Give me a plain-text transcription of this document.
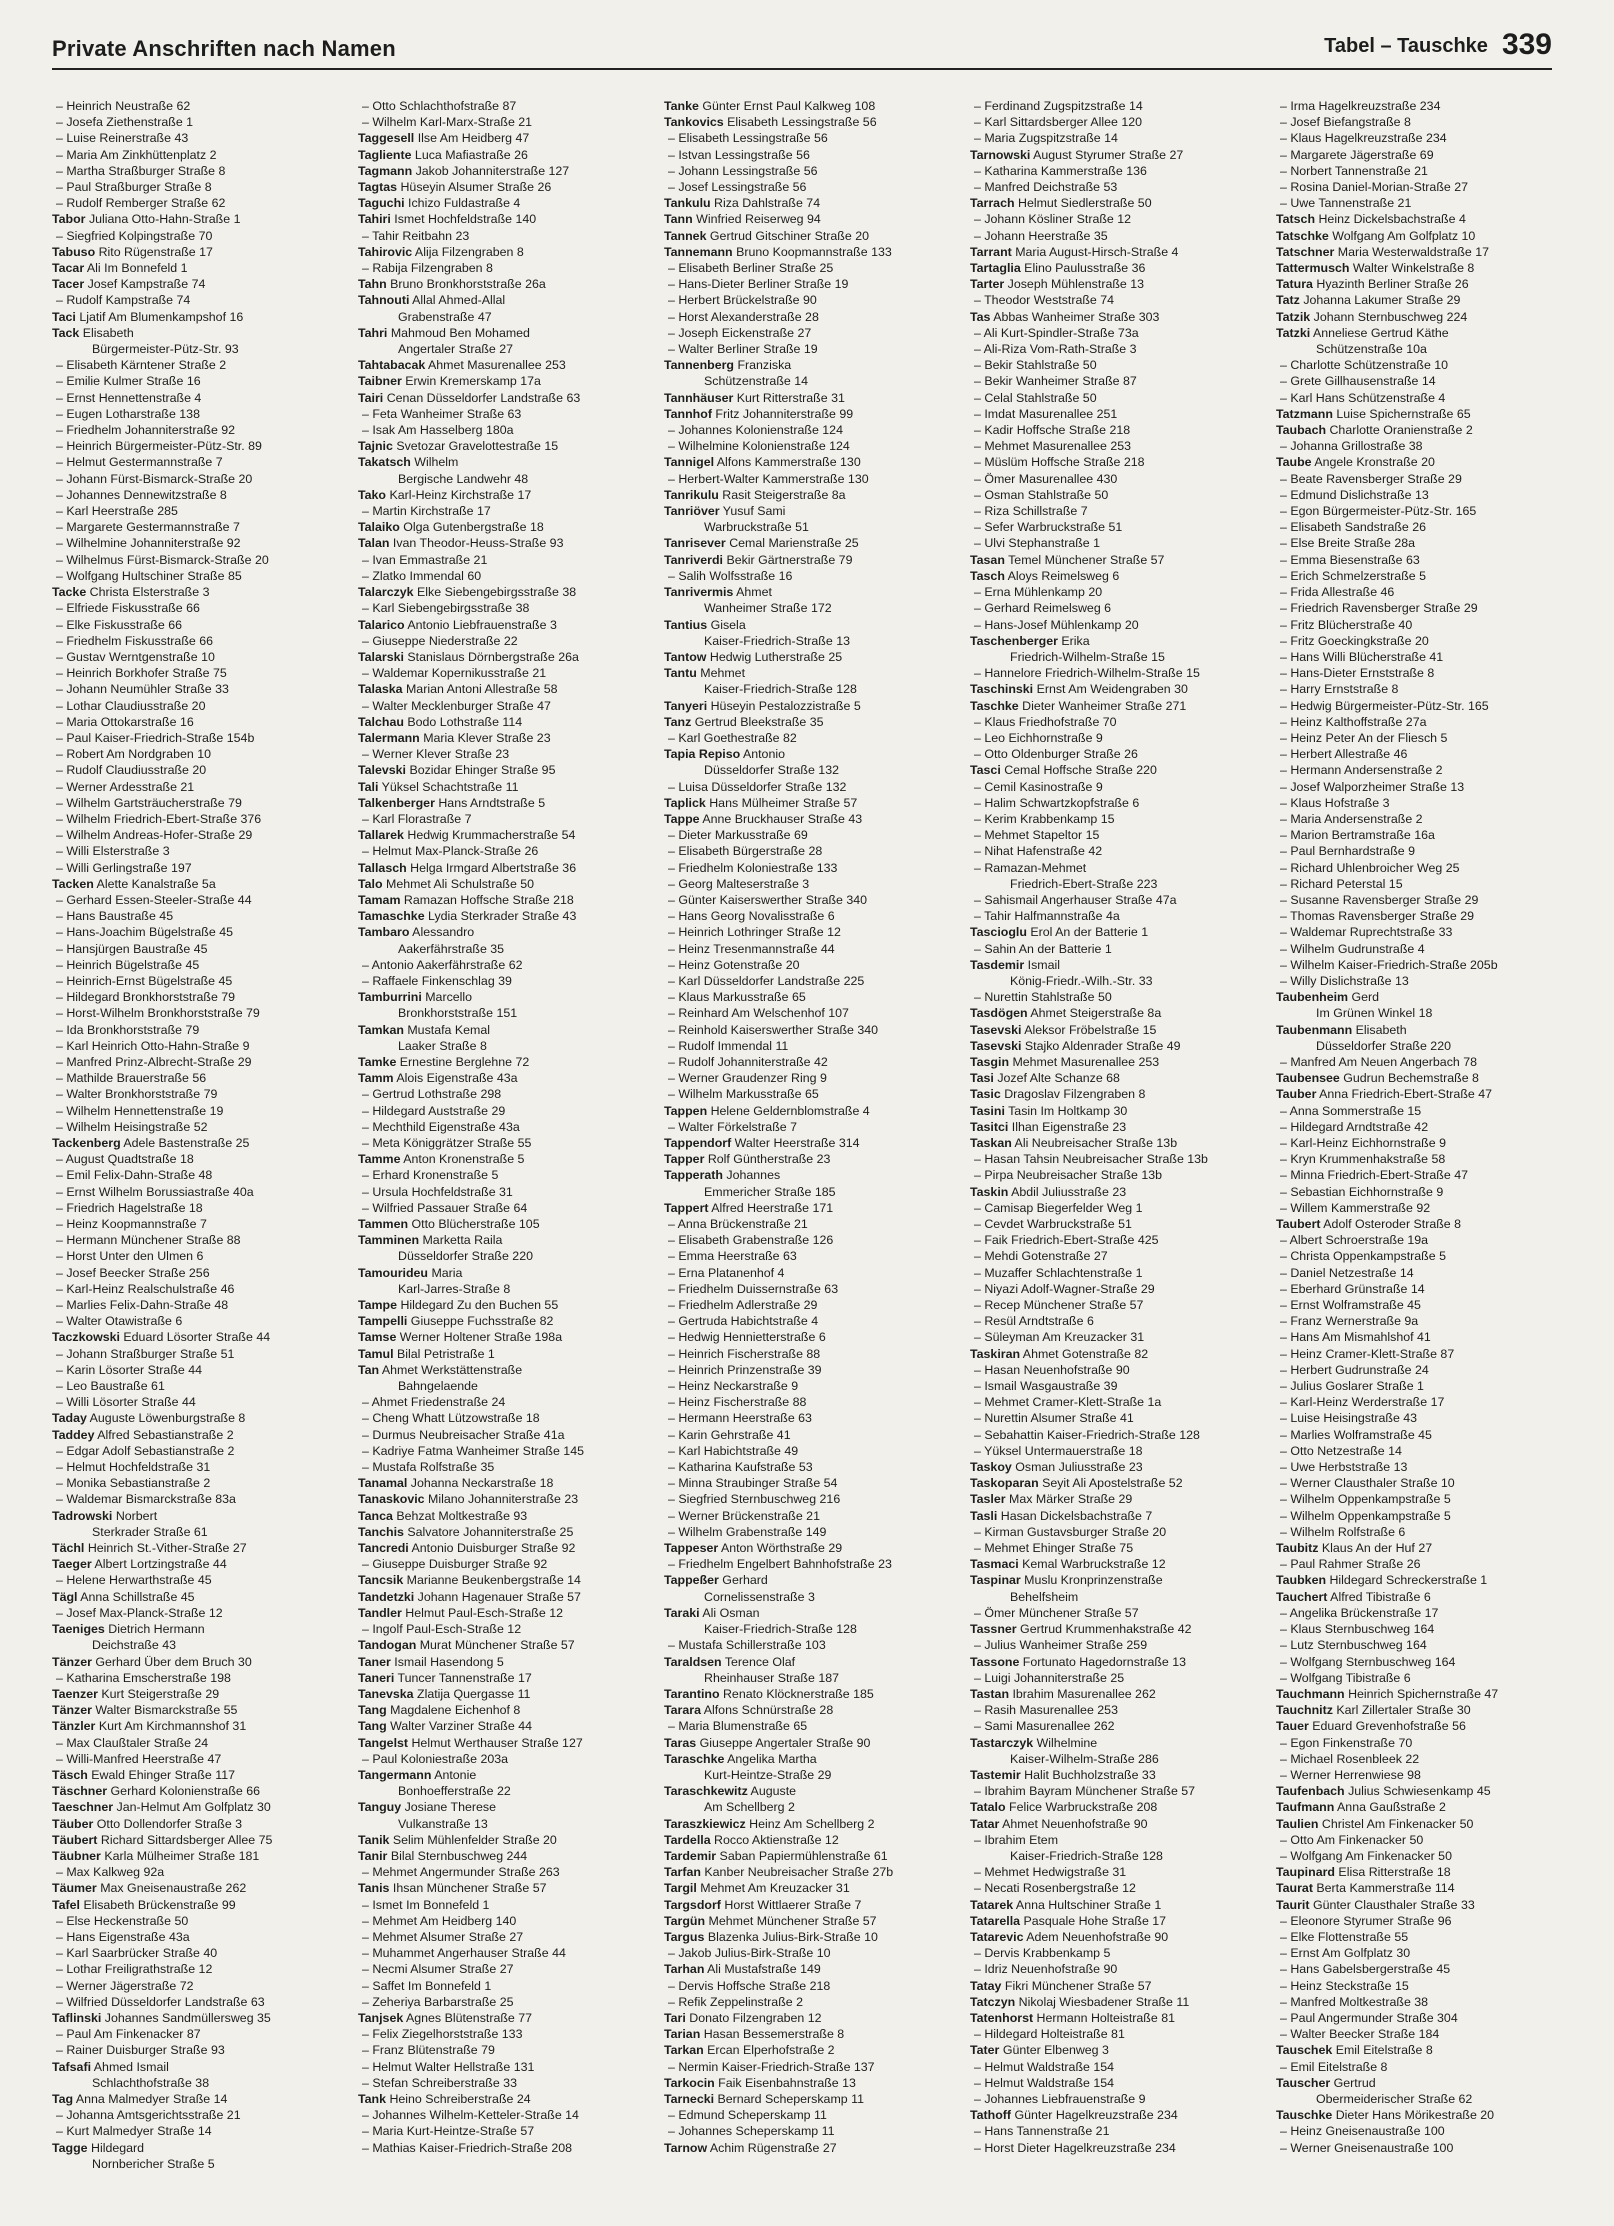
Private Anschriften nach Namen	Tabel – Tauschke 339
– Heinrich Neustraße 62
– Josefa Ziethenstraße 1
– Luise Reinerstraße 43
– Maria Am Zinkhüttenplatz 2
– Martha Straßburger Straße 8
– Paul Straßburger Straße 8
– Rudolf Remberger Straße 62
Tabor Juliana Otto-Hahn-Straße 1
– Siegfried Kolpingstraße 70
Tabuso Rito Rügenstraße 17
Tacar Ali Im Bonnefeld 1
Tacer Josef Kampstraße 74
– Rudolf Kampstraße 74
Taci Ljatif Am Blumenkampshof 16
Tack Elisabeth
Bürgermeister-Pütz-Str. 93
– Elisabeth Kärntener Straße 2
– Emilie Kulmer Straße 16
– Ernst Hennettenstraße 4
– Eugen Lotharstraße 138
– Friedhelm Johanniterstraße 92
– Heinrich Bürgermeister-Pütz-Str. 89
– Helmut Gestermannstraße 7
– Johann Fürst-Bismarck-Straße 20
– Johannes Dennewitzstraße 8
– Karl Heerstraße 285
– Margarete Gestermannstraße 7
– Wilhelmine Johanniterstraße 92
– Wilhelmus Fürst-Bismarck-Straße 20
– Wolfgang Hultschiner Straße 85
Tacke Christa Elsterstraße 3
– Elfriede Fiskusstraße 66
– Elke Fiskusstraße 66
– Friedhelm Fiskusstraße 66
– Gustav Werntgenstraße 10
– Heinrich Borkhofer Straße 75
– Johann Neumühler Straße 33
– Lothar Claudiusstraße 20
– Maria Ottokarstraße 16
– Paul Kaiser-Friedrich-Straße 154b
– Robert Am Nordgraben 10
– Rudolf Claudiusstraße 20
– Werner Ardesstraße 21
– Wilhelm Gartsträucherstraße 79
– Wilhelm Friedrich-Ebert-Straße 376
– Wilhelm Andreas-Hofer-Straße 29
– Willi Elsterstraße 3
– Willi Gerlingstraße 197
Tacken Alette Kanalstraße 5a
– Gerhard Essen-Steeler-Straße 44
– Hans Baustraße 45
– Hans-Joachim Bügelstraße 45
– Hansjürgen Baustraße 45
– Heinrich Bügelstraße 45
– Heinrich-Ernst Bügelstraße 45
– Hildegard Bronkhorststraße 79
– Horst-Wilhelm Bronkhorststraße 79
– Ida Bronkhorststraße 79
– Karl Heinrich Otto-Hahn-Straße 9
– Manfred Prinz-Albrecht-Straße 29
– Mathilde Brauerstraße 56
– Walter Bronkhorststraße 79
– Wilhelm Hennettenstraße 19
– Wilhelm Heisingstraße 52
Tackenberg Adele Bastenstraße 25
– August Quadtstraße 18
– Emil Felix-Dahn-Straße 48
– Ernst Wilhelm Borussiastraße 40a
– Friedrich Hagelstraße 18
– Heinz Koopmannstraße 7
– Hermann Münchener Straße 88
– Horst Unter den Ulmen 6
– Josef Beecker Straße 256
– Karl-Heinz Realschulstraße 46
– Marlies Felix-Dahn-Straße 48
– Walter Otawistraße 6
Taczkowski Eduard Lösorter Straße 44
– Johann Straßburger Straße 51
– Karin Lösorter Straße 44
– Leo Baustraße 61
– Willi Lösorter Straße 44
Taday Auguste Löwenburgstraße 8
Taddey Alfred Sebastianstraße 2
– Edgar Adolf Sebastianstraße 2
– Helmut Hochfeldstraße 31
– Monika Sebastianstraße 2
– Waldemar Bismarckstraße 83a
Tadrowski Norbert
Sterkrader Straße 61
Tächl Heinrich St.-Vither-Straße 27
Taeger Albert Lortzingstraße 44
– Helene Herwarthstraße 45
Tägl Anna Schillstraße 45
– Josef Max-Planck-Straße 12
Taeniges Dietrich Hermann
Deichstraße 43
Tänzer Gerhard Über dem Bruch 30
– Katharina Emscherstraße 198
Taenzer Kurt Steigerstraße 29
Tänzer Walter Bismarckstraße 55
Tänzler Kurt Am Kirchmannshof 31
– Max Claußtaler Straße 24
– Willi-Manfred Heerstraße 47
Täsch Ewald Ehinger Straße 117
Täschner Gerhard Kolonienstraße 66
Taeschner Jan-Helmut Am Golfplatz 30
Täuber Otto Dollendorfer Straße 3
Täubert Richard Sittardsberger Allee 75
Täubner Karla Mülheimer Straße 181
– Max Kalkweg 92a
Täumer Max Gneisenaustraße 262
Tafel Elisabeth Brückenstraße 99
– Else Heckenstraße 50
– Hans Eigenstraße 43a
– Karl Saarbrücker Straße 40
– Lothar Freiligrathstraße 12
– Werner Jägerstraße 72
– Wilfried Düsseldorfer Landstraße 63
Taflinski Johannes Sandmüllersweg 35
– Paul Am Finkenacker 87
– Rainer Duisburger Straße 93
Tafsafi Ahmed Ismail
Schlachthofstraße 38
Tag Anna Malmedyer Straße 14
– Johanna Amtsgerichtsstraße 21
– Kurt Malmedyer Straße 14
Tagge Hildegard
Nornbericher Straße 5
– Otto Schlachthofstraße 87
– Wilhelm Karl-Marx-Straße 21
Taggesell Ilse Am Heidberg 47
Tagliente Luca Mafiastraße 26
Tagmann Jakob Johanniterstraße 127
Tagtas Hüseyin Alsumer Straße 26
Taguchi Ichizo Fuldastraße 4
Tahiri Ismet Hochfeldstraße 140
– Tahir Reitbahn 23
Tahirovic Alija Filzengraben 8
– Rabija Filzengraben 8
Tahn Bruno Bronkhorststraße 26a
Tahnouti Allal Ahmed-Allal
Grabenstraße 47
Tahri Mahmoud Ben Mohamed
Angertaler Straße 27
Tahtabacak Ahmet Masurenallee 253
Taibner Erwin Kremerskamp 17a
Tairi Cenan Düsseldorfer Landstraße 63
– Feta Wanheimer Straße 63
– Isak Am Hasselberg 180a
Tajnic Svetozar Gravelottestraße 15
Takatsch Wilhelm
Bergische Landwehr 48
Tako Karl-Heinz Kirchstraße 17
– Martin Kirchstraße 17
Talaiko Olga Gutenbergstraße 18
Talan Ivan Theodor-Heuss-Straße 93
– Ivan Emmastraße 21
– Zlatko Immendal 60
Talarczyk Elke Siebengebirgsstraße 38
– Karl Siebengebirgsstraße 38
Talarico Antonio Liebfrauenstraße 3
– Giuseppe Niederstraße 22
Talarski Stanislaus Dörnbergstraße 26a
– Waldemar Kopernikusstraße 21
Talaska Marian Antoni Allestraße 58
– Walter Mecklenburger Straße 47
Talchau Bodo Lothstraße 114
Talermann Maria Klever Straße 23
– Werner Klever Straße 23
Talevski Bozidar Ehinger Straße 95
Tali Yüksel Schachtstraße 11
Talkenberger Hans Arndtstraße 5
– Karl Florastraße 7
Tallarek Hedwig Krummacherstraße 54
– Helmut Max-Planck-Straße 26
Tallasch Helga Irmgard Albertstraße 36
Talo Mehmet Ali Schulstraße 50
Tamam Ramazan Hoffsche Straße 218
Tamaschke Lydia Sterkrader Straße 43
Tambaro Alessandro
Aakerfährstraße 35
– Antonio Aakerfährstraße 62
– Raffaele Finkenschlag 39
Tamburrini Marcello
Bronkhorststraße 151
Tamkan Mustafa Kemal
Laaker Straße 8
Tamke Ernestine Berglehne 72
Tamm Alois Eigenstraße 43a
– Gertrud Lothstraße 298
– Hildegard Auststraße 29
– Mechthild Eigenstraße 43a
– Meta Königgrätzer Straße 55
Tamme Anton Kronenstraße 5
– Erhard Kronenstraße 5
– Ursula Hochfeldstraße 31
– Wilfried Passauer Straße 64
Tammen Otto Blücherstraße 105
Tamminen Marketta Raila
Düsseldorfer Straße 220
Tamourideu Maria
Karl-Jarres-Straße 8
Tampe Hildegard Zu den Buchen 55
Tampelli Giuseppe Fuchsstraße 82
Tamse Werner Holtener Straße 198a
Tamul Bilal Petristraße 1
Tan Ahmet Werkstättenstraße
Bahngelaende
– Ahmet Friedenstraße 24
– Cheng Whatt Lützowstraße 18
– Durmus Neubreisacher Straße 41a
– Kadriye Fatma Wanheimer Straße 145
– Mustafa Rolfstraße 35
Tanamal Johanna Neckarstraße 18
Tanaskovic Milano Johanniterstraße 23
Tanca Behzat Moltkestraße 93
Tanchis Salvatore Johanniterstraße 25
Tancredi Antonio Duisburger Straße 92
– Giuseppe Duisburger Straße 92
Tancsik Marianne Beukenbergstraße 14
Tandetzki Johann Hagenauer Straße 57
Tandler Helmut Paul-Esch-Straße 12
– Ingolf Paul-Esch-Straße 12
Tandogan Murat Münchener Straße 57
Taner Ismail Hasendong 5
Taneri Tuncer Tannenstraße 17
Tanevska Zlatija Quergasse 11
Tang Magdalene Eichenhof 8
Tang Walter Varziner Straße 44
Tangelst Helmut Werthauser Straße 127
– Paul Koloniestraße 203a
Tangermann Antonie
Bonhoefferstraße 22
Tanguy Josiane Therese
Vulkanstraße 13
Tanik Selim Mühlenfelder Straße 20
Tanir Bilal Sternbuschweg 244
– Mehmet Angermunder Straße 263
Tanis Ihsan Münchener Straße 57
– Ismet Im Bonnefeld 1
– Mehmet Am Heidberg 140
– Mehmet Alsumer Straße 27
– Muhammet Angerhauser Straße 44
– Necmi Alsumer Straße 27
– Saffet Im Bonnefeld 1
– Zeheriya Barbarstraße 25
Tanjsek Agnes Blütenstraße 77
– Felix Ziegelhorststraße 133
– Franz Blütenstraße 79
– Helmut Walter Hellstraße 131
– Stefan Schreiberstraße 33
Tank Heino Schreiberstraße 24
– Johannes Wilhelm-Ketteler-Straße 14
– Maria Kurt-Heintze-Straße 57
– Mathias Kaiser-Friedrich-Straße 208
Tanke Günter Ernst Paul Kalkweg 108
Tankovics Elisabeth Lessingstraße 56
– Elisabeth Lessingstraße 56
– Istvan Lessingstraße 56
– Johann Lessingstraße 56
– Josef Lessingstraße 56
Tankulu Riza Dahlstraße 74
Tann Winfried Reiserweg 94
Tannek Gertrud Gitschiner Straße 20
Tannemann Bruno Koopmannstraße 133
– Elisabeth Berliner Straße 25
– Hans-Dieter Berliner Straße 19
– Herbert Brückelstraße 90
– Horst Alexanderstraße 28
– Joseph Eickenstraße 27
– Walter Berliner Straße 19
Tannenberg Franziska
Schützenstraße 14
Tannhäuser Kurt Ritterstraße 31
Tannhof Fritz Johanniterstraße 99
– Johannes Kolonienstraße 124
– Wilhelmine Kolonienstraße 124
Tannigel Alfons Kammerstraße 130
– Herbert-Walter Kammerstraße 130
Tanrikulu Rasit Steigerstraße 8a
Tanriöver Yusuf Sami
Warbruckstraße 51
Tanrisever Cemal Marienstraße 25
Tanriverdi Bekir Gärtnerstraße 79
– Salih Wolfsstraße 16
Tanrivermis Ahmet
Wanheimer Straße 172
Tantius Gisela
Kaiser-Friedrich-Straße 13
Tantow Hedwig Lutherstraße 25
Tantu Mehmet
Kaiser-Friedrich-Straße 128
Tanyeri Hüseyin Pestalozzistraße 5
Tanz Gertrud Bleekstraße 35
– Karl Goethestraße 82
Tapia Repiso Antonio
Düsseldorfer Straße 132
– Luisa Düsseldorfer Straße 132
Taplick Hans Mülheimer Straße 57
Tappe Anne Bruckhauser Straße 43
– Dieter Markusstraße 69
– Elisabeth Bürgerstraße 28
– Friedhelm Koloniestraße 133
– Georg Malteserstraße 3
– Günter Kaiserswerther Straße 340
– Hans Georg Novalisstraße 6
– Heinrich Lothringer Straße 12
– Heinz Tresenmannstraße 44
– Heinz Gotenstraße 20
– Karl Düsseldorfer Landstraße 225
– Klaus Markusstraße 65
– Reinhard Am Welschenhof 107
– Reinhold Kaiserswerther Straße 340
– Rudolf Immendal 11
– Rudolf Johanniterstraße 42
– Werner Graudenzer Ring 9
– Wilhelm Markusstraße 65
Tappen Helene Geldernblomstraße 4
– Walter Förkelstraße 7
Tappendorf Walter Heerstraße 314
Tapper Rolf Güntherstraße 23
Tapperath Johannes
Emmericher Straße 185
Tappert Alfred Heerstraße 171
– Anna Brückenstraße 21
– Elisabeth Grabenstraße 126
– Emma Heerstraße 63
– Erna Platanenhof 4
– Friedhelm Duissernstraße 63
– Friedhelm Adlerstraße 29
– Gertruda Habichtstraße 4
– Hedwig Hennietterstraße 6
– Heinrich Fischerstraße 88
– Heinrich Prinzenstraße 39
– Heinz Neckarstraße 9
– Heinz Fischerstraße 88
– Hermann Heerstraße 63
– Karin Gehrstraße 41
– Karl Habichtstraße 49
– Katharina Kaufstraße 53
– Minna Straubinger Straße 54
– Siegfried Sternbuschweg 216
– Werner Brückenstraße 21
– Wilhelm Grabenstraße 149
Tappeser Anton Wörthstraße 29
– Friedhelm Engelbert Bahnhofstraße 23
Tappeßer Gerhard
Cornelissenstraße 3
Taraki Ali Osman
Kaiser-Friedrich-Straße 128
– Mustafa Schillerstraße 103
Taraldsen Terence Olaf
Rheinhauser Straße 187
Tarantino Renato Klöcknerstraße 185
Tarara Alfons Schnürstraße 28
– Maria Blumenstraße 65
Taras Giuseppe Angertaler Straße 90
Taraschke Angelika Martha
Kurt-Heintze-Straße 29
Taraschkewitz Auguste
Am Schellberg 2
Taraszkiewicz Heinz Am Schellberg 2
Tardella Rocco Aktienstraße 12
Tardemir Saban Papiermühlenstraße 61
Tarfan Kanber Neubreisacher Straße 27b
Targil Mehmet Am Kreuzacker 31
Targsdorf Horst Wittlaerer Straße 7
Targün Mehmet Münchener Straße 57
Targus Blazenka Julius-Birk-Straße 10
– Jakob Julius-Birk-Straße 10
Tarhan Ali Mustafstraße 149
– Dervis Hoffsche Straße 218
– Refik Zeppelinstraße 2
Tari Donato Filzengraben 12
Tarian Hasan Bessemerstraße 8
Tarkan Ercan Elperhofstraße 2
– Nermin Kaiser-Friedrich-Straße 137
Tarkocin Faik Eisenbahnstraße 13
Tarnecki Bernard Scheperskamp 11
– Edmund Scheperskamp 11
– Johannes Scheperskamp 11
Tarnow Achim Rügenstraße 27
– Ferdinand Zugspitzstraße 14
– Karl Sittardsberger Allee 120
– Maria Zugspitzstraße 14
Tarnowski August Styrumer Straße 27
– Katharina Kammerstraße 136
– Manfred Deichstraße 53
Tarrach Helmut Siedlerstraße 50
– Johann Kösliner Straße 12
– Johann Heerstraße 35
Tarrant Maria August-Hirsch-Straße 4
Tartaglia Elino Paulusstraße 36
Tarter Joseph Mühlenstraße 13
– Theodor Weststraße 74
Tas Abbas Wanheimer Straße 303
– Ali Kurt-Spindler-Straße 73a
– Ali-Riza Vom-Rath-Straße 3
– Bekir Stahlstraße 50
– Bekir Wanheimer Straße 87
– Celal Stahlstraße 50
– Imdat Masurenallee 251
– Kadir Hoffsche Straße 218
– Mehmet Masurenallee 253
– Müslüm Hoffsche Straße 218
– Ömer Masurenallee 430
– Osman Stahlstraße 50
– Riza Schillstraße 7
– Sefer Warbruckstraße 51
– Ulvi Stephanstraße 1
Tasan Temel Münchener Straße 57
Tasch Aloys Reimelsweg 6
– Erna Mühlenkamp 20
– Gerhard Reimelsweg 6
– Hans-Josef Mühlenkamp 20
Taschenberger Erika
Friedrich-Wilhelm-Straße 15
– Hannelore Friedrich-Wilhelm-Straße 15
Taschinski Ernst Am Weidengraben 30
Taschke Dieter Wanheimer Straße 271
– Klaus Friedhofstraße 70
– Leo Eichhornstraße 9
– Otto Oldenburger Straße 26
Tasci Cemal Hoffsche Straße 220
– Cemil Kasinostraße 9
– Halim Schwartzkopfstraße 6
– Kerim Krabbenkamp 15
– Mehmet Stapeltor 15
– Nihat Hafenstraße 42
– Ramazan-Mehmet
Friedrich-Ebert-Straße 223
– Sahismail Angerhauser Straße 47a
– Tahir Halfmannstraße 4a
Tascioglu Erol An der Batterie 1
– Sahin An der Batterie 1
Tasdemir Ismail
König-Friedr.-Wilh.-Str. 33
– Nurettin Stahlstraße 50
Tasdögen Ahmet Steigerstraße 8a
Tasevski Aleksor Fröbelstraße 15
Tasevski Stajko Aldenrader Straße 49
Tasgin Mehmet Masurenallee 253
Tasi Jozef Alte Schanze 68
Tasic Dragoslav Filzengraben 8
Tasini Tasin Im Holtkamp 30
Tasitci Ilhan Eigenstraße 23
Taskan Ali Neubreisacher Straße 13b
– Hasan Tahsin Neubreisacher Straße 13b
– Pirpa Neubreisacher Straße 13b
Taskin Abdil Juliusstraße 23
– Camisap Biegerfelder Weg 1
– Cevdet Warbruckstraße 51
– Faik Friedrich-Ebert-Straße 425
– Mehdi Gotenstraße 27
– Muzaffer Schlachtenstraße 1
– Niyazi Adolf-Wagner-Straße 29
– Recep Münchener Straße 57
– Resül Arndtstraße 6
– Süleyman Am Kreuzacker 31
Taskiran Ahmet Gotenstraße 82
– Hasan Neuenhofstraße 90
– Ismail Wasgaustraße 39
– Mehmet Cramer-Klett-Straße 1a
– Nurettin Alsumer Straße 41
– Sebahattin Kaiser-Friedrich-Straße 128
– Yüksel Untermauerstraße 18
Taskoy Osman Juliusstraße 23
Taskoparan Seyit Ali Apostelstraße 52
Tasler Max Märker Straße 29
Tasli Hasan Dickelsbachstraße 7
– Kirman Gustavsburger Straße 20
– Mehmet Ehinger Straße 75
Tasmaci Kemal Warbruckstraße 12
Taspinar Muslu Kronprinzenstraße
Behelfsheim
– Ömer Münchener Straße 57
Tassner Gertrud Krummenhakstraße 42
– Julius Wanheimer Straße 259
Tassone Fortunato Hagedornstraße 13
– Luigi Johanniterstraße 25
Tastan Ibrahim Masurenallee 262
– Rasih Masurenallee 253
– Sami Masurenallee 262
Tastarczyk Wilhelmine
Kaiser-Wilhelm-Straße 286
Tastemir Halit Buchholzstraße 33
– Ibrahim Bayram Münchener Straße 57
Tatalo Felice Warbruckstraße 208
Tatar Ahmet Neuenhofstraße 90
– Ibrahim Etem
Kaiser-Friedrich-Straße 128
– Mehmet Hedwigstraße 31
– Necati Rosenbergstraße 12
Tatarek Anna Hultschiner Straße 1
Tatarella Pasquale Hohe Straße 17
Tatarevic Adem Neuenhofstraße 90
– Dervis Krabbenkamp 5
– Idriz Neuenhofstraße 90
Tatay Fikri Münchener Straße 57
Tatczyn Nikolaj Wiesbadener Straße 11
Tatenhorst Hermann Holteistraße 81
– Hildegard Holteistraße 81
Tater Günter Elbenweg 3
– Helmut Waldstraße 154
– Helmut Waldstraße 154
– Johannes Liebfrauenstraße 9
Tathoff Günter Hagelkreuzstraße 234
– Hans Tannenstraße 21
– Horst Dieter Hagelkreuzstraße 234
– Irma Hagelkreuzstraße 234
– Josef Biefangstraße 8
– Klaus Hagelkreuzstraße 234
– Margarete Jägerstraße 69
– Norbert Tannenstraße 21
– Rosina Daniel-Morian-Straße 27
– Uwe Tannenstraße 21
Tatsch Heinz Dickelsbachstraße 4
Tatschke Wolfgang Am Golfplatz 10
Tatschner Maria Westerwaldstraße 17
Tattermusch Walter Winkelstraße 8
Tatura Hyazinth Berliner Straße 26
Tatz Johanna Lakumer Straße 29
Tatzik Johann Sternbuschweg 224
Tatzki Anneliese Gertrud Käthe
Schützenstraße 10a
– Charlotte Schützenstraße 10
– Grete Gillhausenstraße 14
– Karl Hans Schützenstraße 4
Tatzmann Luise Spichernstraße 65
Taubach Charlotte Oranienstraße 2
– Johanna Grillostraße 38
Taube Angele Kronstraße 20
– Beate Ravensberger Straße 29
– Edmund Dislichstraße 13
– Egon Bürgermeister-Pütz-Str. 165
– Elisabeth Sandstraße 26
– Else Breite Straße 28a
– Emma Biesenstraße 63
– Erich Schmelzerstraße 5
– Frida Allestraße 46
– Friedrich Ravensberger Straße 29
– Fritz Blücherstraße 40
– Fritz Goeckingkstraße 20
– Hans Willi Blücherstraße 41
– Hans-Dieter Ernststraße 8
– Harry Ernststraße 8
– Hedwig Bürgermeister-Pütz-Str. 165
– Heinz Kalthoffstraße 27a
– Heinz Peter An der Fliesch 5
– Herbert Allestraße 46
– Hermann Andersenstraße 2
– Josef Walporzheimer Straße 13
– Klaus Hofstraße 3
– Maria Andersenstraße 2
– Marion Bertramstraße 16a
– Paul Bernhardstraße 9
– Richard Uhlenbroicher Weg 25
– Richard Peterstal 15
– Susanne Ravensberger Straße 29
– Thomas Ravensberger Straße 29
– Waldemar Ruprechtstraße 33
– Wilhelm Gudrunstraße 4
– Wilhelm Kaiser-Friedrich-Straße 205b
– Willy Dislichstraße 13
Taubenheim Gerd
Im Grünen Winkel 18
Taubenmann Elisabeth
Düsseldorfer Straße 220
– Manfred Am Neuen Angerbach 78
Taubensee Gudrun Bechemstraße 8
Tauber Anna Friedrich-Ebert-Straße 47
– Anna Sommerstraße 15
– Hildegard Arndtstraße 42
– Karl-Heinz Eichhornstraße 9
– Kryn Krummenhakstraße 58
– Minna Friedrich-Ebert-Straße 47
– Sebastian Eichhornstraße 9
– Willem Kammerstraße 92
Taubert Adolf Osteroder Straße 8
– Albert Schroerstraße 19a
– Christa Oppenkampstraße 5
– Daniel Netzestraße 14
– Eberhard Grünstraße 14
– Ernst Wolframstraße 45
– Franz Wernerstraße 9a
– Hans Am Mismahlshof 41
– Heinz Cramer-Klett-Straße 87
– Herbert Gudrunstraße 24
– Julius Goslarer Straße 1
– Karl-Heinz Werderstraße 17
– Luise Heisingstraße 43
– Marlies Wolframstraße 45
– Otto Netzestraße 14
– Uwe Herbststraße 13
– Werner Clausthaler Straße 10
– Wilhelm Oppenkampstraße 5
– Wilhelm Oppenkampstraße 5
– Wilhelm Rolfstraße 6
Taubitz Klaus An der Huf 27
– Paul Rahmer Straße 26
Taubken Hildegard Schreckerstraße 1
Tauchert Alfred Tibistraße 6
– Angelika Brückenstraße 17
– Klaus Sternbuschweg 164
– Lutz Sternbuschweg 164
– Wolfgang Sternbuschweg 164
– Wolfgang Tibistraße 6
Tauchmann Heinrich Spichernstraße 47
Tauchnitz Karl Zillertaler Straße 30
Tauer Eduard Grevenhofstraße 56
– Egon Finkenstraße 70
– Michael Rosenbleek 22
– Werner Herrenwiese 98
Taufenbach Julius Schwiesenkamp 45
Taufmann Anna Gaußstraße 2
Taulien Christel Am Finkenacker 50
– Otto Am Finkenacker 50
– Wolfgang Am Finkenacker 50
Taupinard Elisa Ritterstraße 18
Taurat Berta Kammerstraße 114
Taurit Günter Clausthaler Straße 33
– Eleonore Styrumer Straße 96
– Elke Flottenstraße 55
– Ernst Am Golfplatz 30
– Hans Gabelsbergerstraße 45
– Heinz Steckstraße 15
– Manfred Moltkestraße 38
– Paul Angermunder Straße 304
– Walter Beecker Straße 184
Tauschek Emil Eitelstraße 8
– Emil Eitelstraße 8
Tauscher Gertrud
Obermeiderischer Straße 62
Tauschke Dieter Hans Mörikestraße 20
– Heinz Gneisenaustraße 100
– Werner Gneisenaustraße 100
